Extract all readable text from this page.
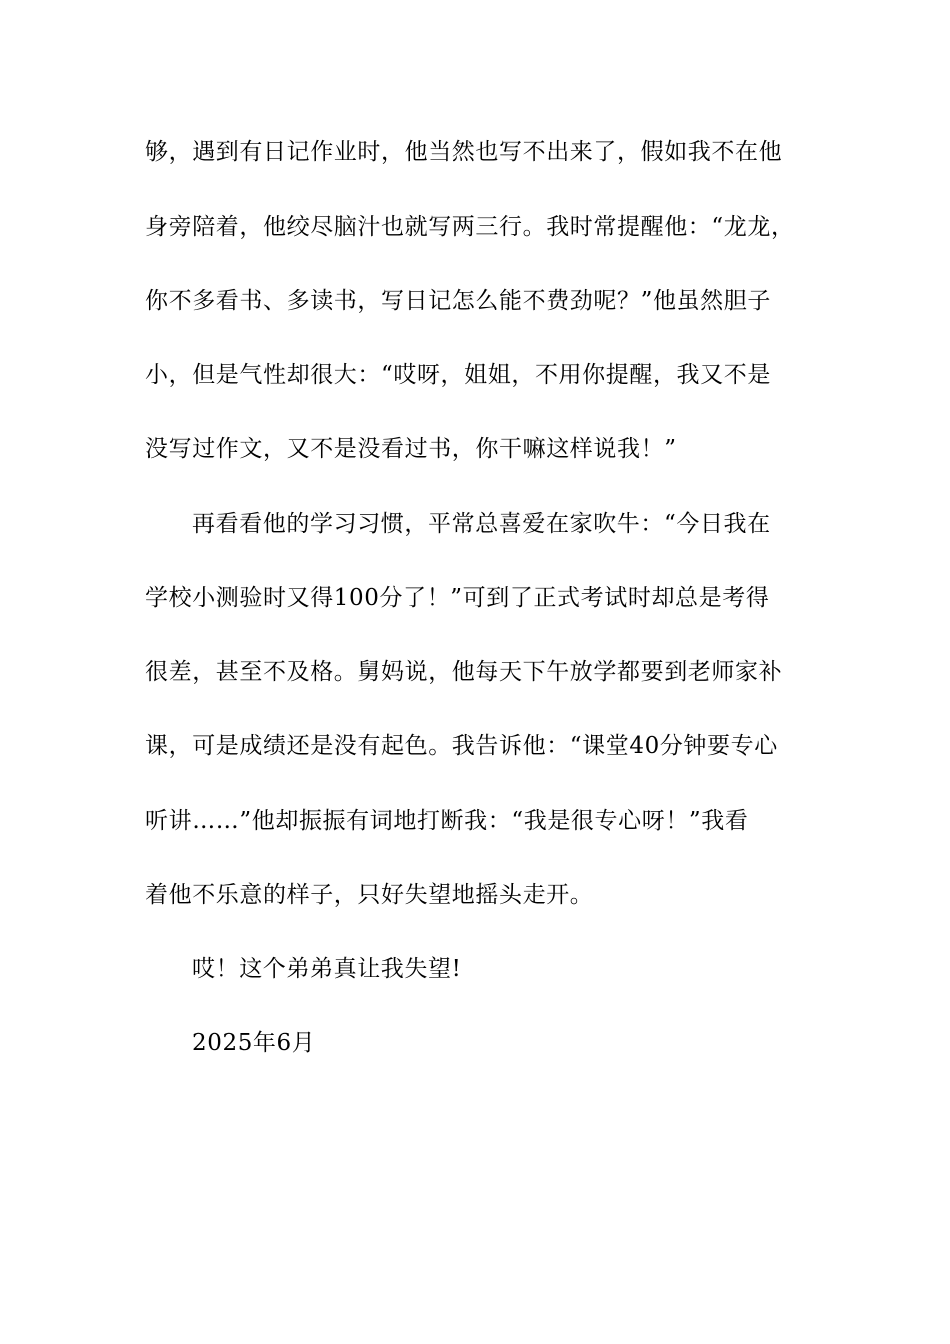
够，遇到有日记作业时，他当然也写不出来了，假如我不在他
身旁陪着，他绞尽脑汁也就写两三行。我时常提醒他：“龙龙，
你不多看书、多读书，写日记怎么能不费劲呢？”他虽然胆子
小，但是气性却很大：“哎呀，姐姐，不用你提醒，我又不是
没写过作文，又不是没看过书，你干嘛这样说我！”
再看看他的学习习惯，平常总喜爱在家吹牛：“今日我在
学校小测验时又得100分了！”可到了正式考试时却总是考得
很差，甚至不及格。舅妈说，他每天下午放学都要到老师家补
课，可是成绩还是没有起色。我告诉他：“课堂40分钟要专心
听讲……”他却振振有词地打断我：“我是很专心呀！”我看
着他不乐意的样子，只好失望地摇头走开。
哎！这个弟弟真让我失望!
2025年6月
